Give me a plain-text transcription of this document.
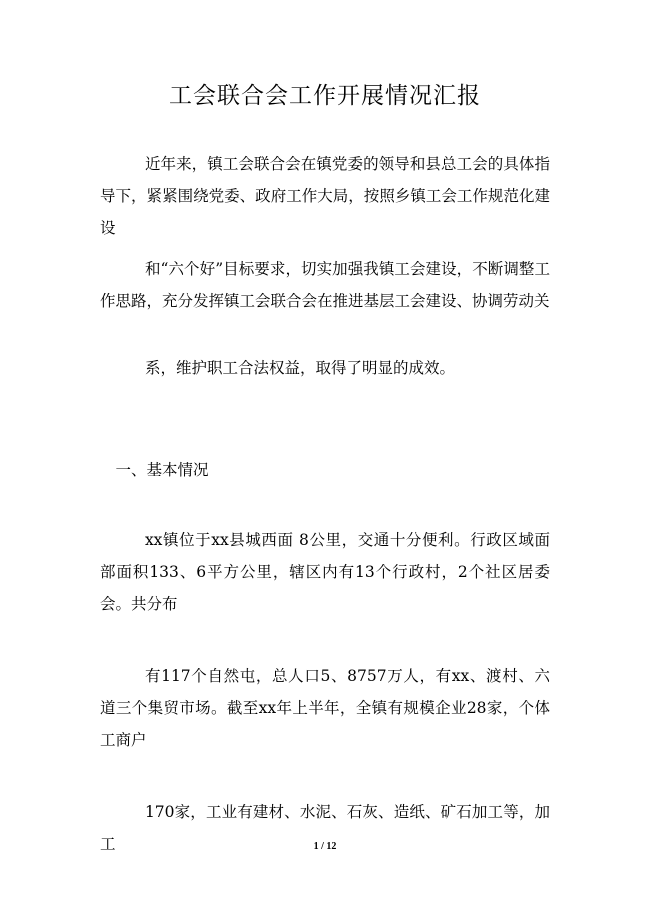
工会联合会工作开展情况汇报

近年来，镇工会联合会在镇党委的领导和县总工会的具体指导下，紧紧围绕党委、政府工作大局，按照乡镇工会工作规范化建设

和“六个好”目标要求，切实加强我镇工会建设，不断调整工作思路，充分发挥镇工会联合会在推进基层工会建设、协调劳动关

系，维护职工合法权益，取得了明显的成效。

一、基本情况

xx镇位于xx县城西面 8公里，交通十分便利。行政区域面部面积133、6平方公里，辖区内有13个行政村，2个社区居委会。共分布

有117个自然屯，总人口5、8757万人，有xx、渡村、六道三个集贸市场。截至xx年上半年，全镇有规模企业28家，个体工商户

170家，工业有建材、水泥、石灰、造纸、矿石加工等，加工	1 / 12
